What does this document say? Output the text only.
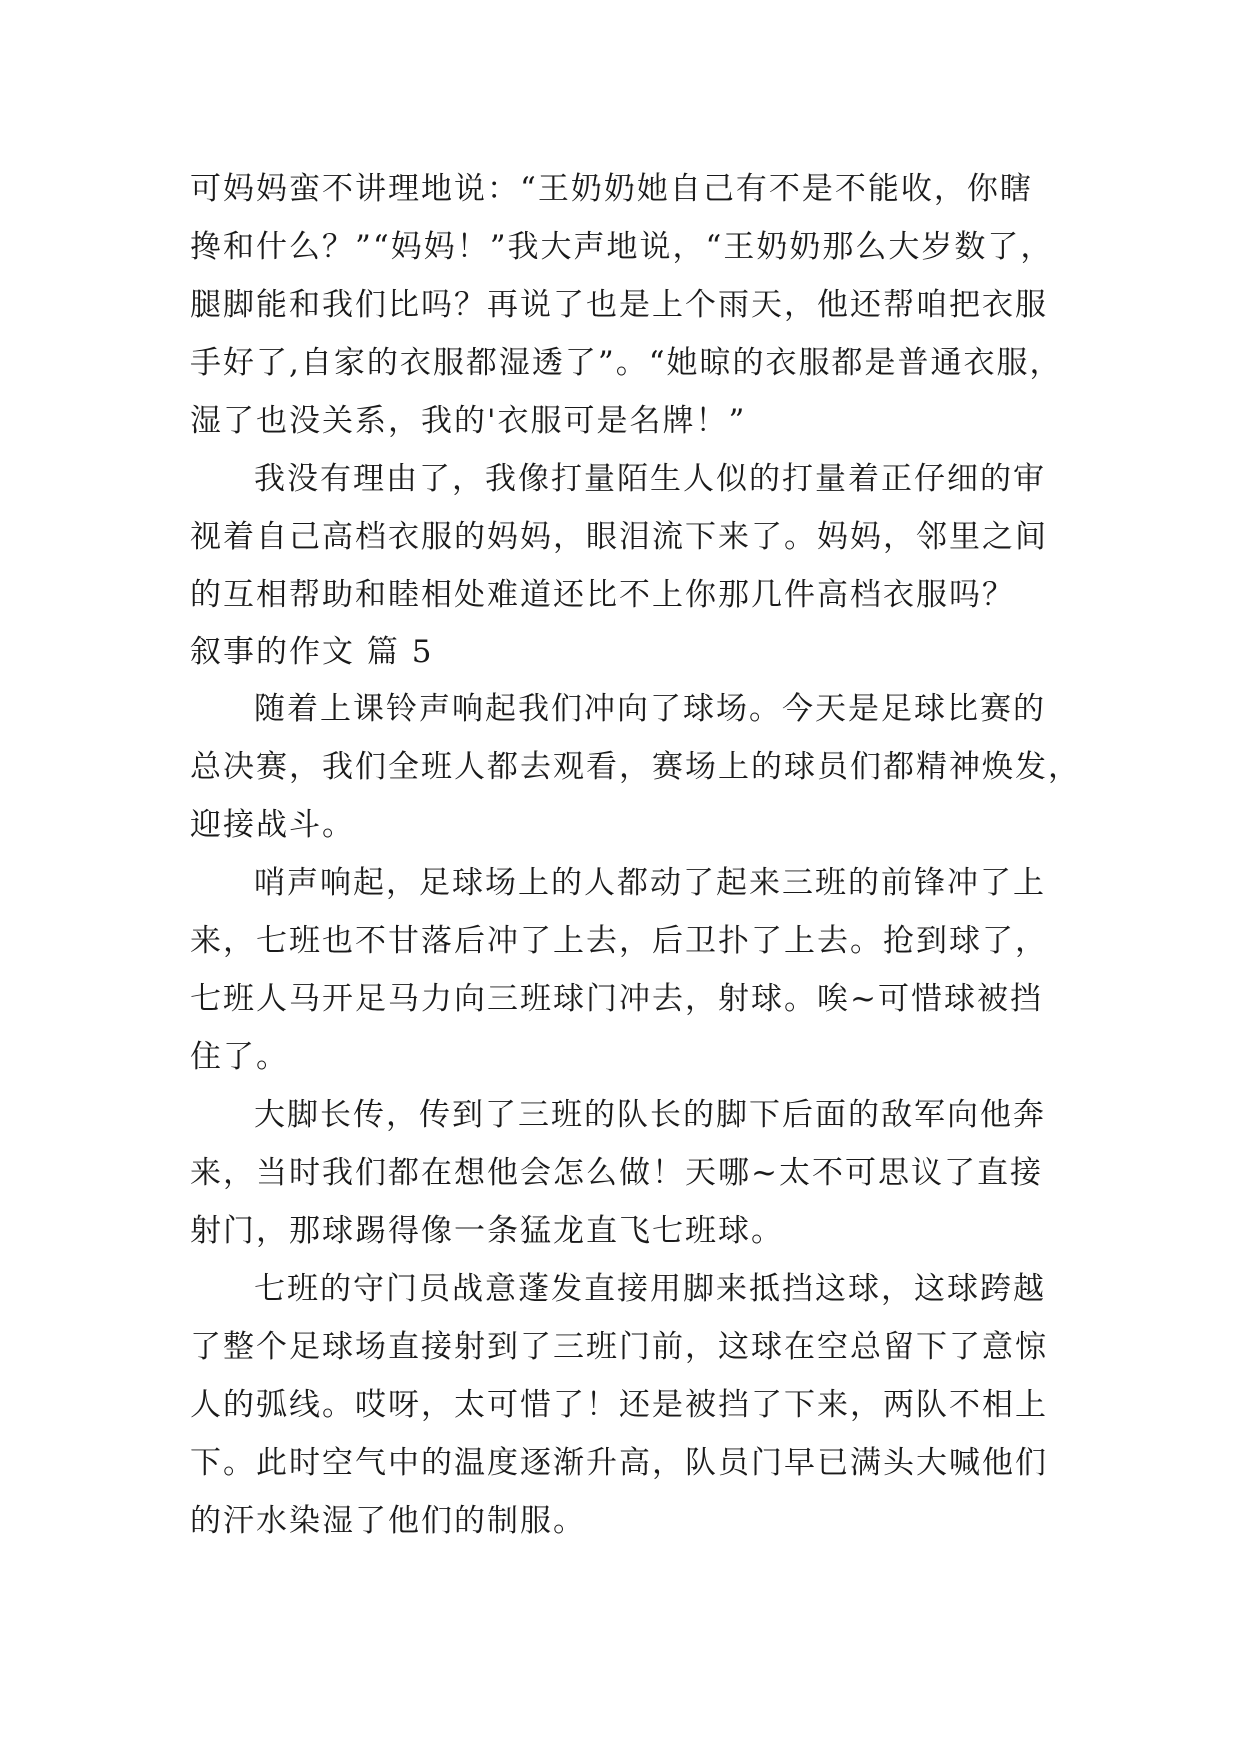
可妈妈蛮不讲理地说：“王奶奶她自己有不是不能收，你瞎
搀和什么？”“妈妈！”我大声地说，“王奶奶那么大岁数了，
腿脚能和我们比吗？再说了也是上个雨天，他还帮咱把衣服
手好了,自家的衣服都湿透了”。“她晾的衣服都是普通衣服，
湿了也没关系，我的'衣服可是名牌！”
我没有理由了，我像打量陌生人似的打量着正仔细的审
视着自己高档衣服的妈妈，眼泪流下来了。妈妈，邻里之间
的互相帮助和睦相处难道还比不上你那几件高档衣服吗？
叙事的作文 篇 5
随着上课铃声响起我们冲向了球场。今天是足球比赛的
总决赛，我们全班人都去观看，赛场上的球员们都精神焕发，
迎接战斗。
哨声响起，足球场上的人都动了起来三班的前锋冲了上
来，七班也不甘落后冲了上去，后卫扑了上去。抢到球了，
七班人马开足马力向三班球门冲去，射球。唉~可惜球被挡
住了。
大脚长传，传到了三班的队长的脚下后面的敌军向他奔
来，当时我们都在想他会怎么做！天哪~太不可思议了直接
射门，那球踢得像一条猛龙直飞七班球。
七班的守门员战意蓬发直接用脚来抵挡这球，这球跨越
了整个足球场直接射到了三班门前，这球在空总留下了意惊
人的弧线。哎呀，太可惜了！还是被挡了下来，两队不相上
下。此时空气中的温度逐渐升高，队员门早已满头大喊他们
的汗水染湿了他们的制服。
